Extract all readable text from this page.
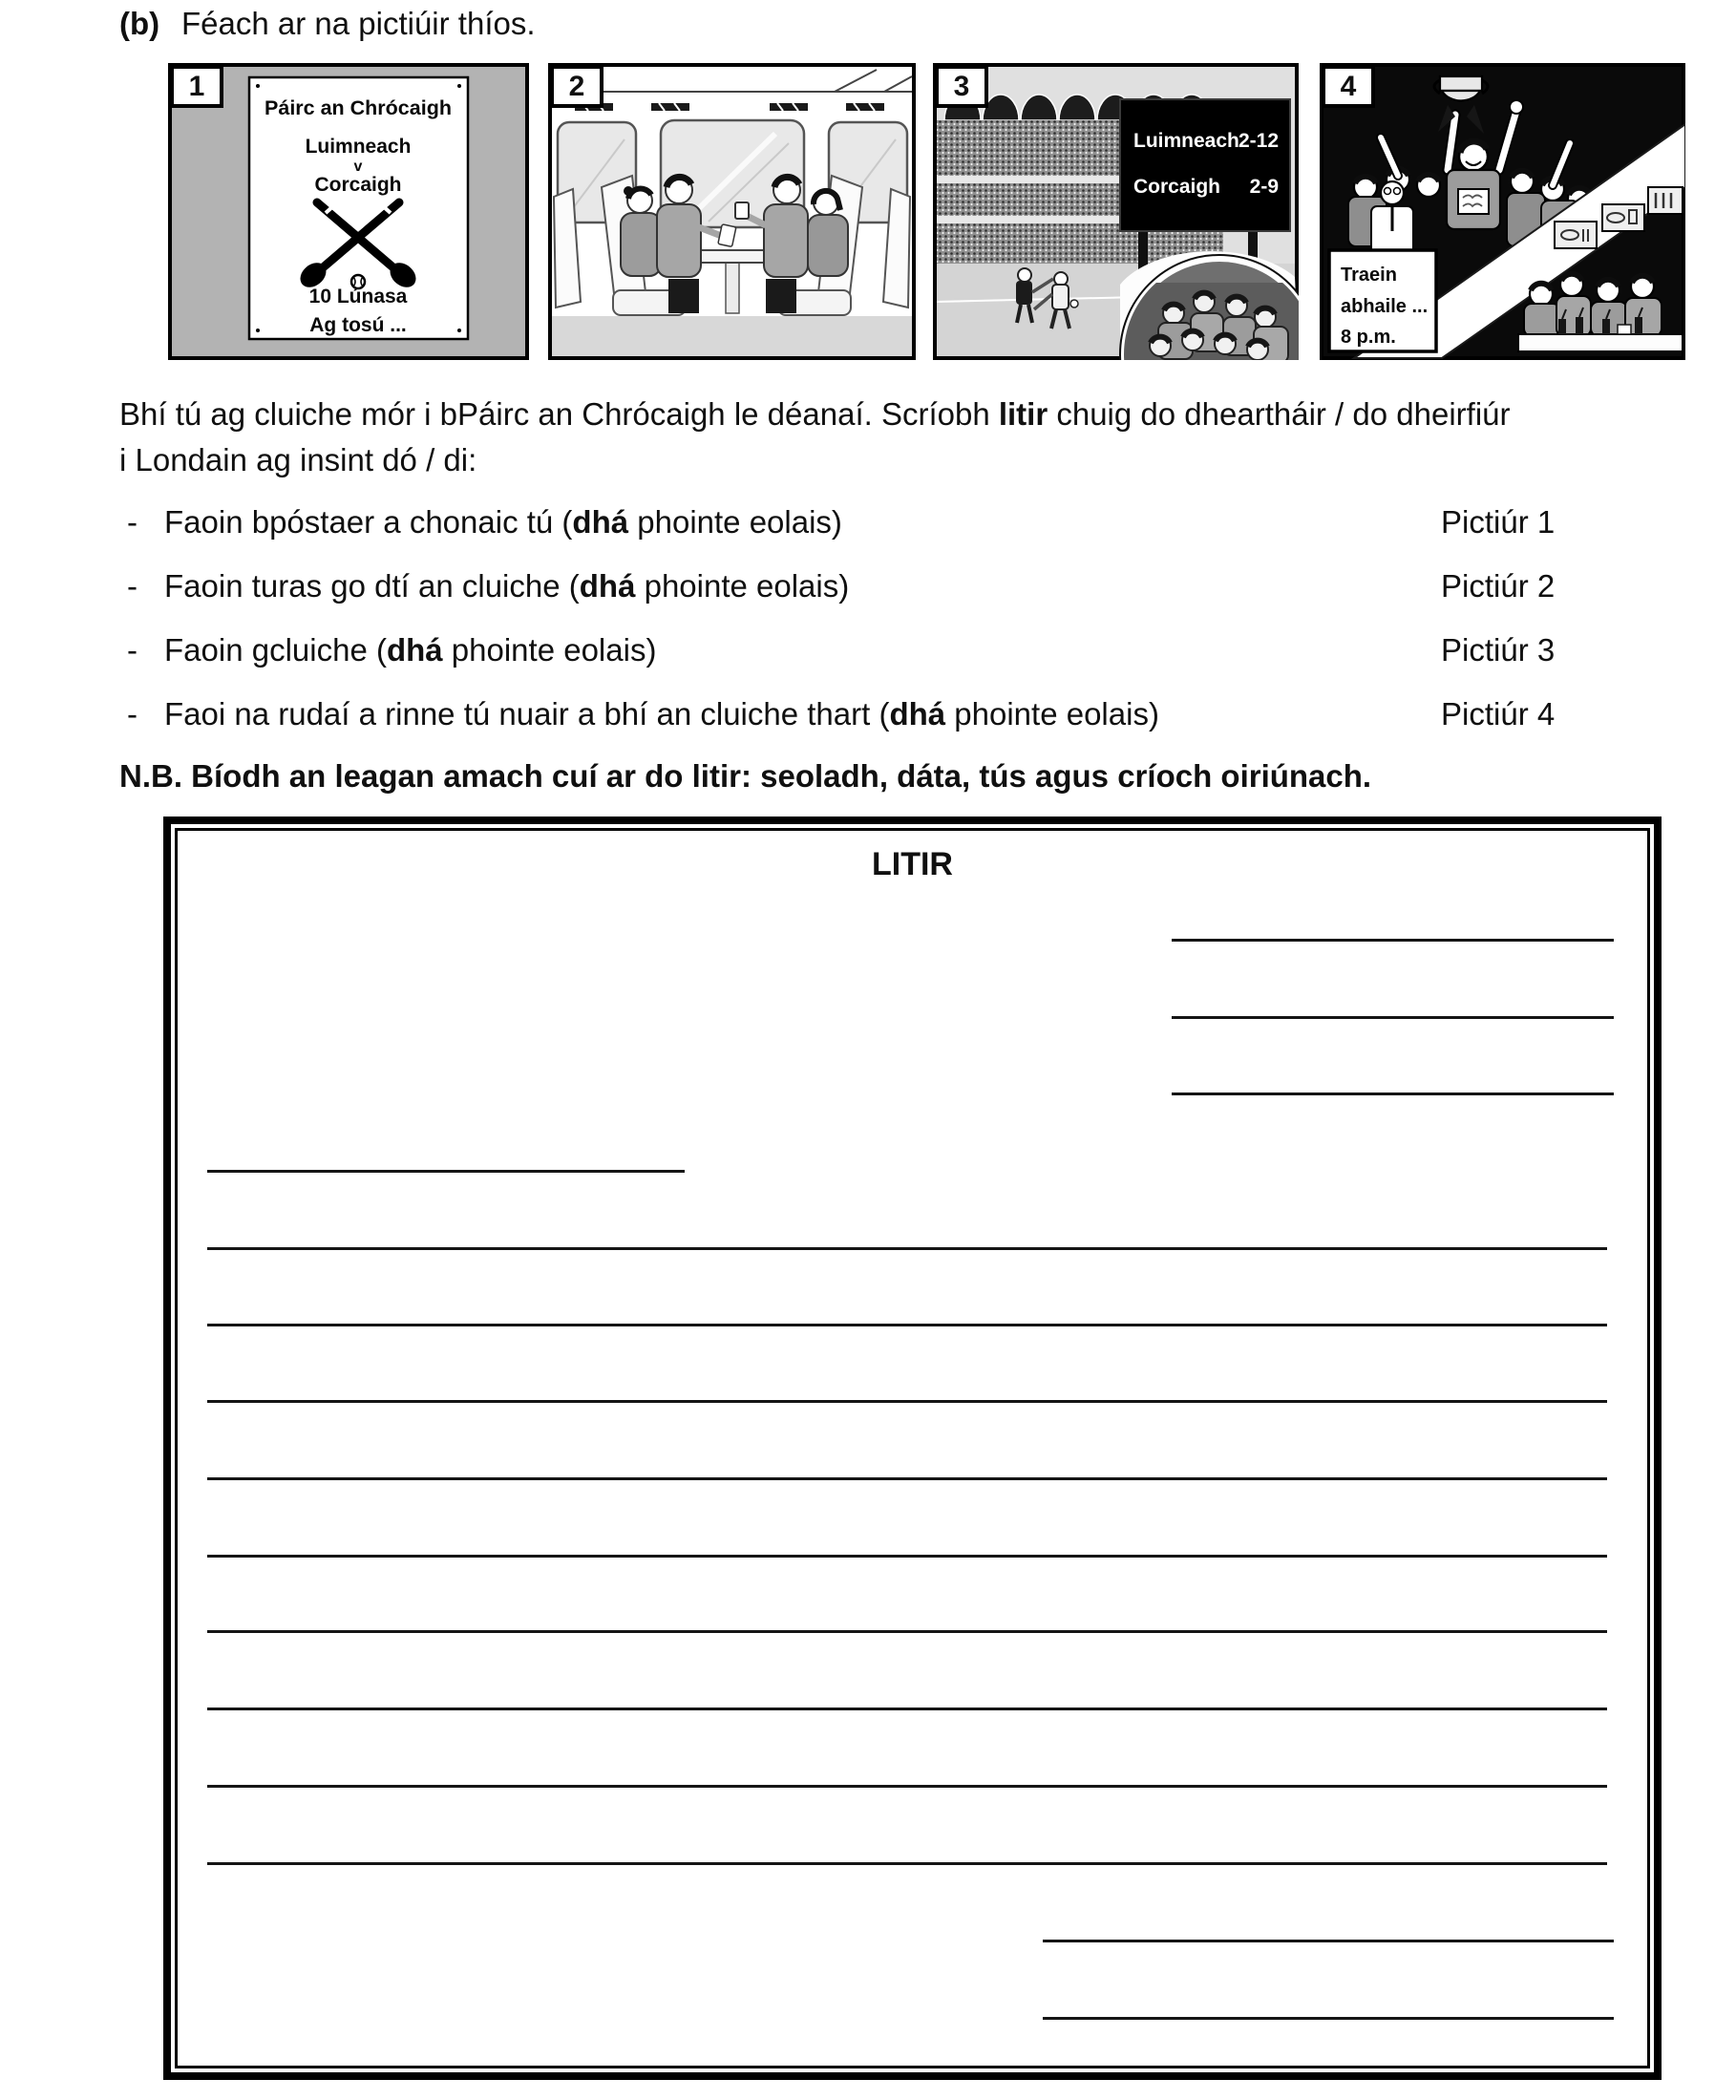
(b) Féach ar na pictiúir thíos.
1
Páirc an Chrócaigh
Luimneach
v
Corcaigh
10 Lúnasa
Ag tosú ...
2	3
Luimneach 2-12
Corcaigh 2-9
4
Traein
abhaile ...
8 p.m.
Bhí tú ag cluiche mór i bPáirc an Chrócaigh le déanaí. Scríobh litir chuig do dheartháir / do dheirfiúr
i Londain ag insint dó / di:
- Faoin bpóstaer a chonaic tú (dhá phointe eolais)	Pictiúr 1
- Faoin turas go dtí an cluiche (dhá phointe eolais)	Pictiúr 2
- Faoin gcluiche (dhá phointe eolais)	Pictiúr 3
- Faoi na rudaí a rinne tú nuair a bhí an cluiche thart (dhá phointe eolais)	Pictiúr 4
N.B. Bíodh an leagan amach cuí ar do litir: seoladh, dáta, tús agus críoch oiriúnach.
LITIR
